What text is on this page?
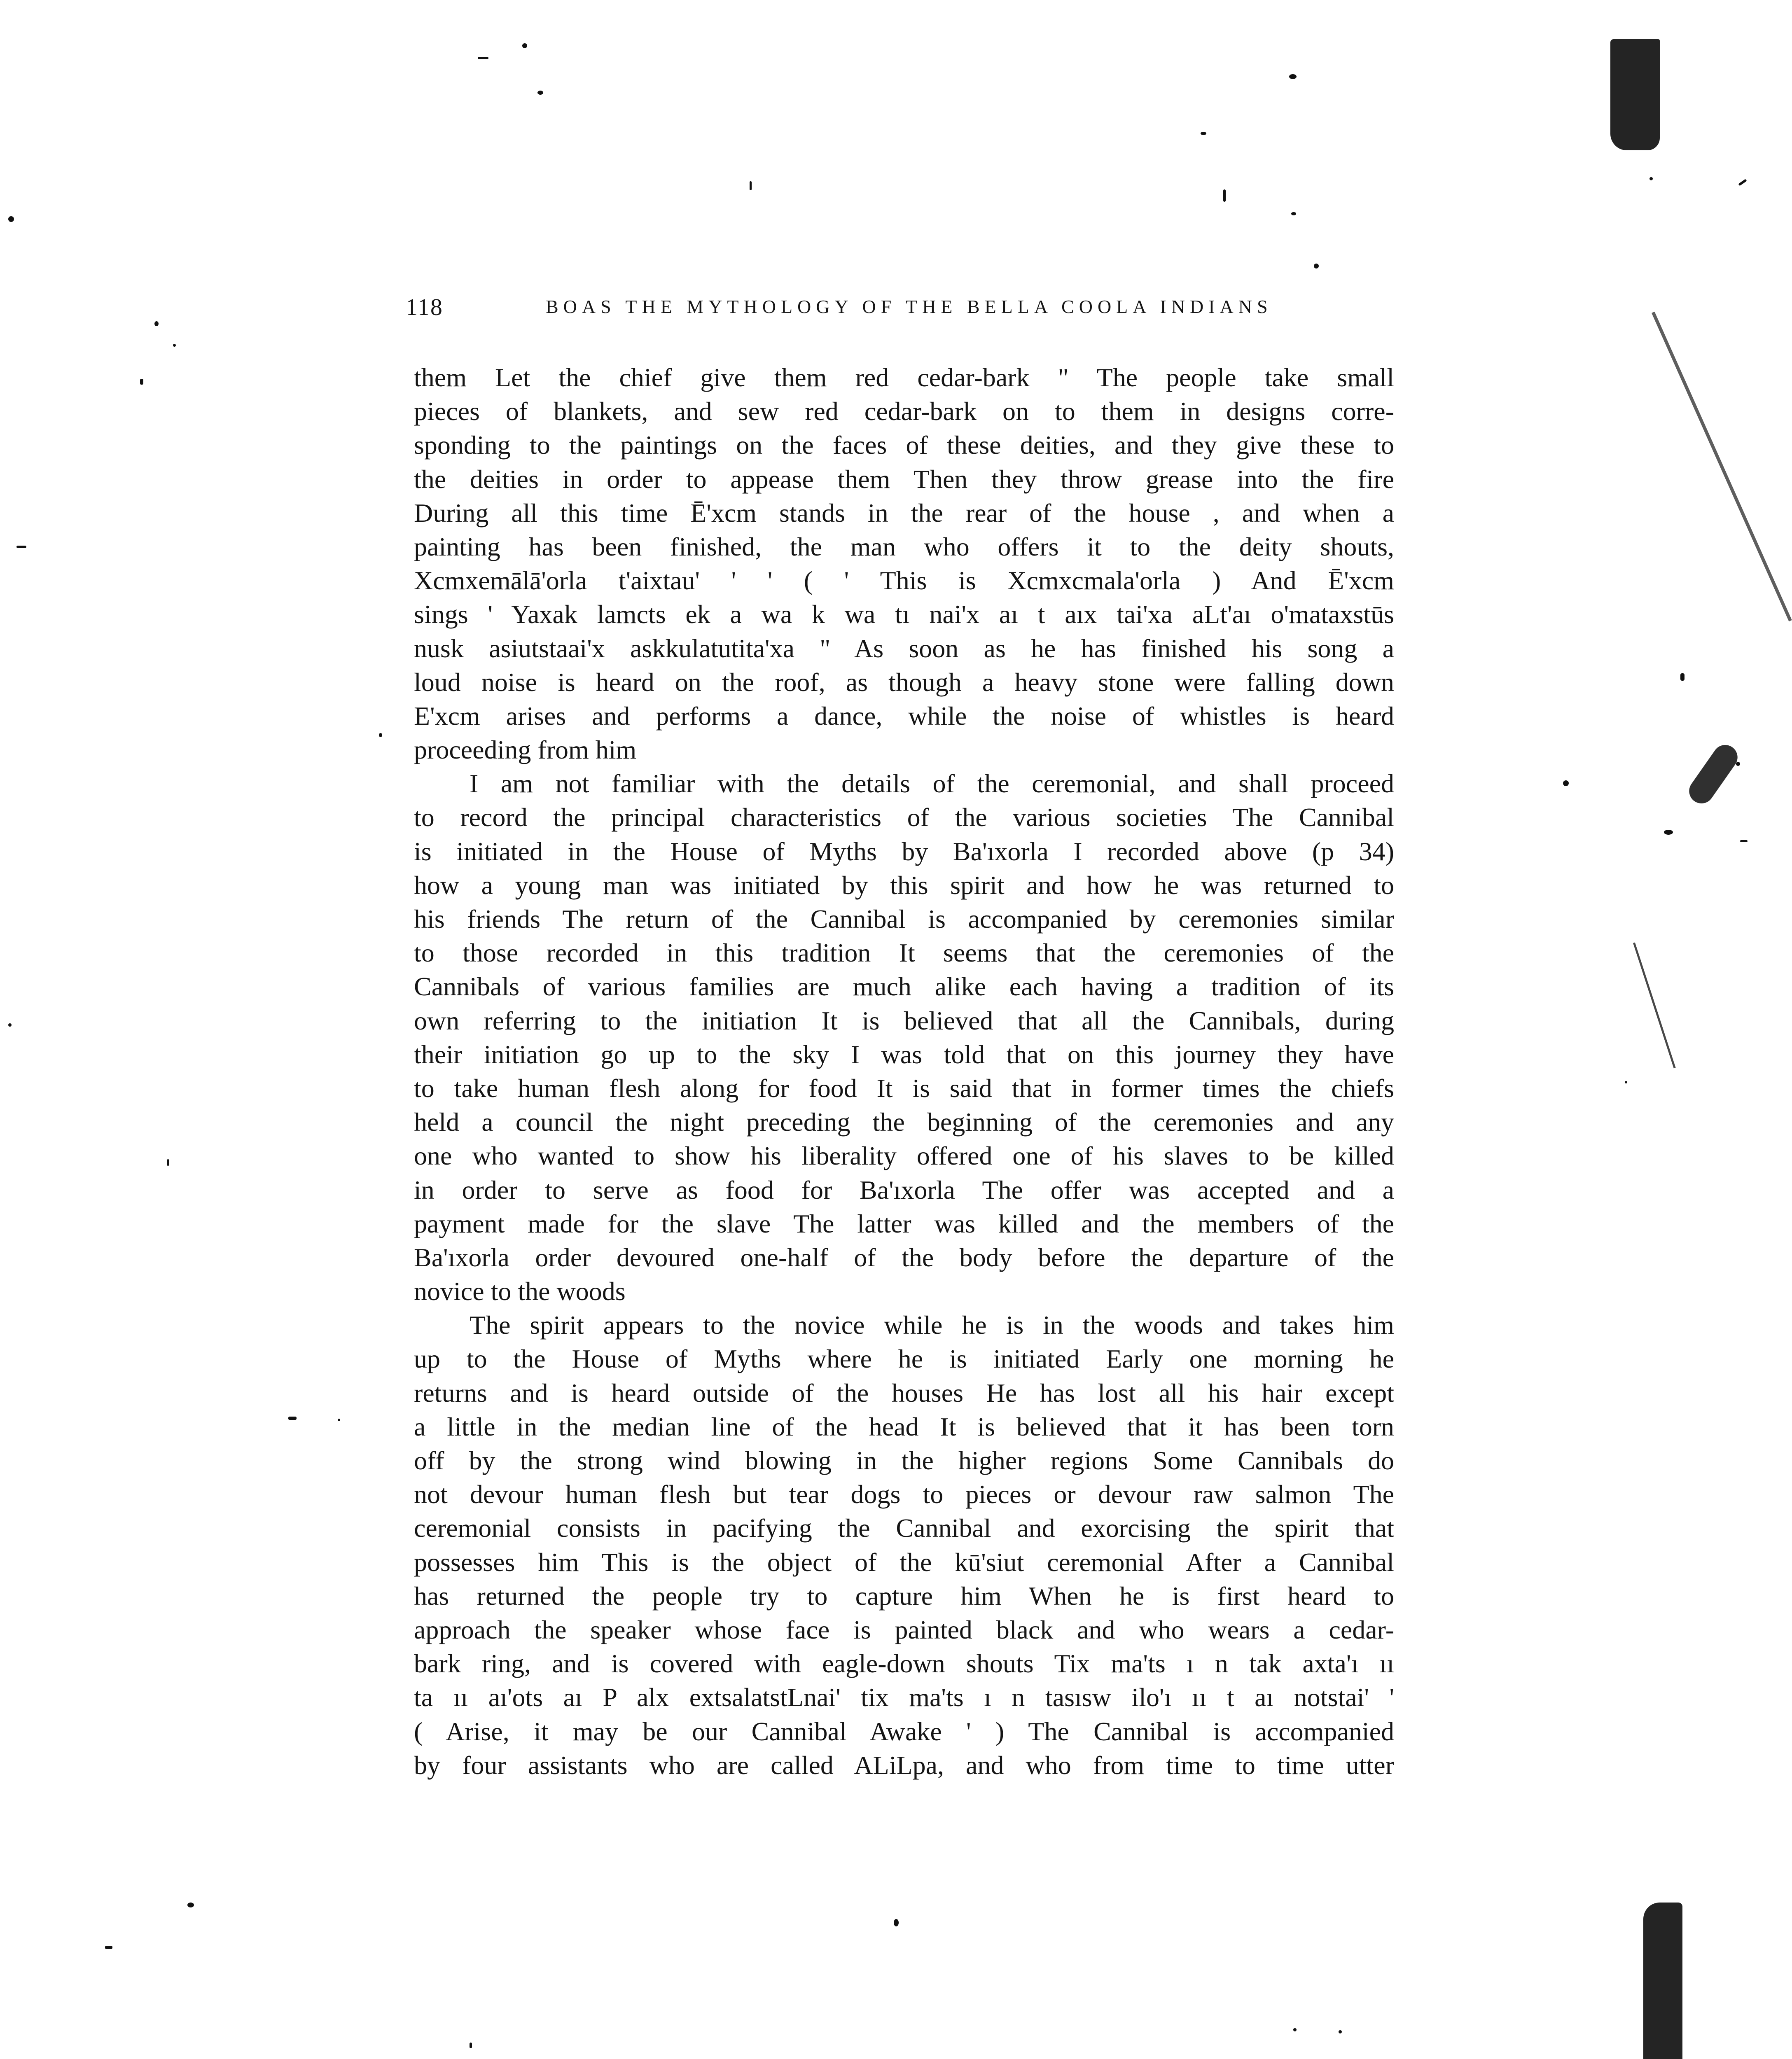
118	BOAS THE MYTHOLOGY OF THE BELLA COOLA INDIANS
them Let the chief give them red cedar-bark " The people take small
pieces of blankets, and sew red cedar-bark on to them in designs corre-
sponding to the paintings on the faces of these deities, and they give these to
the deities in order to appease them Then they throw grease into the fire
During all this time Ē'xcm stands in the rear of the house , and when a
painting has been finished, the man who offers it to the deity shouts,
Xcmxemālā'orla t'aixtau' ' ' ( ' This is Xcmxcmala'orla ) And Ē'xcm
sings ' Yaxak lamcts ek a wa k wa tı nai'x aı t aıx tai'xa aLt'aı o'mataxstūs
nusk asiutstaai'x askkulatutita'xa " As soon as he has finished his song a
loud noise is heard on the roof, as though a heavy stone were falling down
E'xcm arises and performs a dance, while the noise of whistles is heard
proceeding from him
I am not familiar with the details of the ceremonial, and shall proceed
to record the principal characteristics of the various societies The Cannibal
is initiated in the House of Myths by Ba'ıxorla I recorded above (p 34)
how a young man was initiated by this spirit and how he was returned to
his friends The return of the Cannibal is accompanied by ceremonies similar
to those recorded in this tradition It seems that the ceremonies of the
Cannibals of various families are much alike each having a tradition of its
own referring to the initiation It is believed that all the Cannibals, during
their initiation go up to the sky I was told that on this journey they have
to take human flesh along for food It is said that in former times the chiefs
held a council the night preceding the beginning of the ceremonies and any
one who wanted to show his liberality offered one of his slaves to be killed
in order to serve as food for Ba'ıxorla The offer was accepted and a
payment made for the slave The latter was killed and the members of the
Ba'ıxorla order devoured one-half of the body before the departure of the
novice to the woods
The spirit appears to the novice while he is in the woods and takes him
up to the House of Myths where he is initiated Early one morning he
returns and is heard outside of the houses He has lost all his hair except
a little in the median line of the head It is believed that it has been torn
off by the strong wind blowing in the higher regions Some Cannibals do
not devour human flesh but tear dogs to pieces or devour raw salmon The
ceremonial consists in pacifying the Cannibal and exorcising the spirit that
possesses him This is the object of the kū'siut ceremonial After a Cannibal
has returned the people try to capture him When he is first heard to
approach the speaker whose face is painted black and who wears a cedar-
bark ring, and is covered with eagle-down shouts Tix ma'ts ı n tak axta'ı ıı
ta ıı aı'ots aı P alx extsalatstLnai' tix ma'ts ı n tasısw ilo'ı ıı t aı notstai' '
( Arise, it may be our Cannibal Awake ' ) The Cannibal is accompanied
by four assistants who are called ALiLpa, and who from time to time utter
